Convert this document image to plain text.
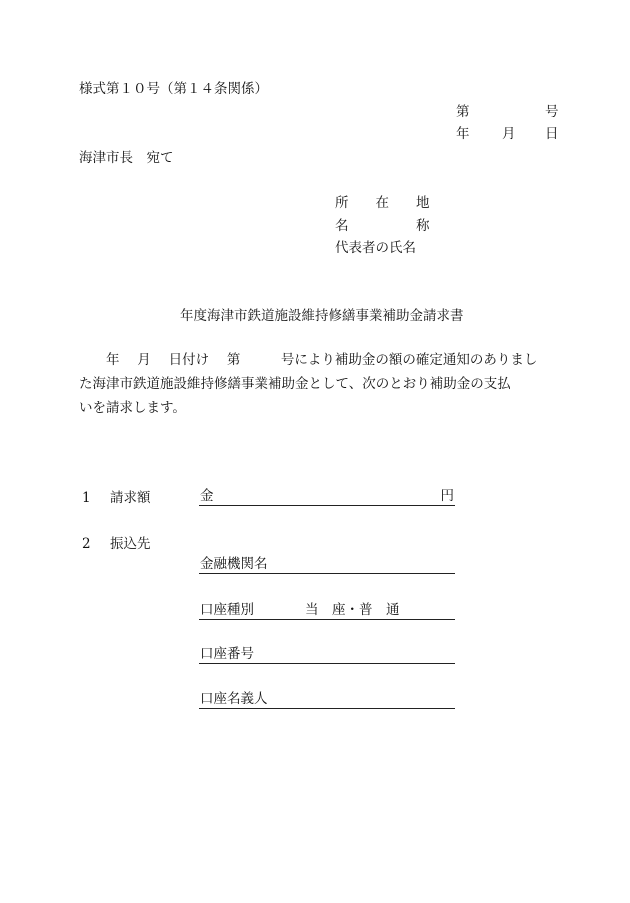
様式第１０号（第１４条関係）
第	号
年 月 日
海津市長　宛て
所　　在　　地
名　　　　　称
代表者の氏名
年度海津市鉄道施設維持修繕事業補助金請求書
　　年　 月　 日付け　 第　　　号により補助金の額の確定通知のありまし
た海津市鉄道施設維持修繕事業補助金として、次のとおり補助金の支払
いを請求します。
1 請求額	金	円
2 振込先
金融機関名
口座種別	当　座・普　通
口座番号
口座名義人
